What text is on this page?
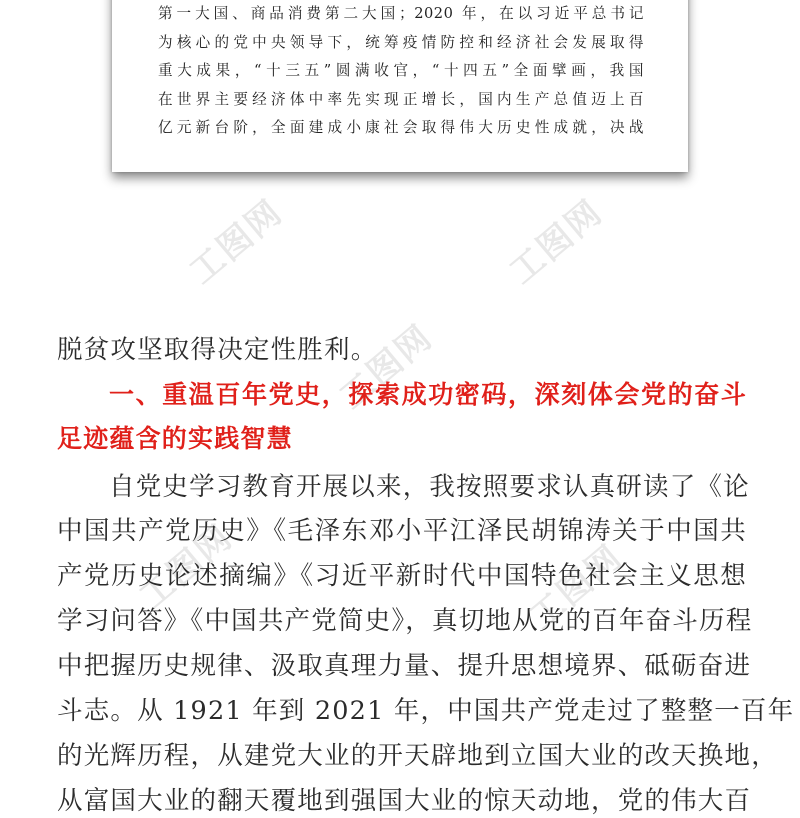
工图网	工图网
工图网
工图网	工图网
第一大国、商品消费第二大国；2020 年，在以习近平总书记
为核心的党中央领导下，统筹疫情防控和经济社会发展取得
重大成果，“十三五”圆满收官，“十四五”全面擘画，我国
在世界主要经济体中率先实现正增长，国内生产总值迈上百
亿元新台阶，全面建成小康社会取得伟大历史性成就，决战
脱贫攻坚取得决定性胜利。
一、重温百年党史，探索成功密码，深刻体会党的奋斗
足迹蕴含的实践智慧
自党史学习教育开展以来，我按照要求认真研读了《论
中国共产党历史》《毛泽东邓小平江泽民胡锦涛关于中国共
产党历史论述摘编》《习近平新时代中国特色社会主义思想
学习问答》《中国共产党简史》，真切地从党的百年奋斗历程
中把握历史规律、汲取真理力量、提升思想境界、砥砺奋进
斗志。从 1921 年到 2021 年，中国共产党走过了整整一百年
的光辉历程，从建党大业的开天辟地到立国大业的改天换地，
从富国大业的翻天覆地到强国大业的惊天动地，党的伟大百
